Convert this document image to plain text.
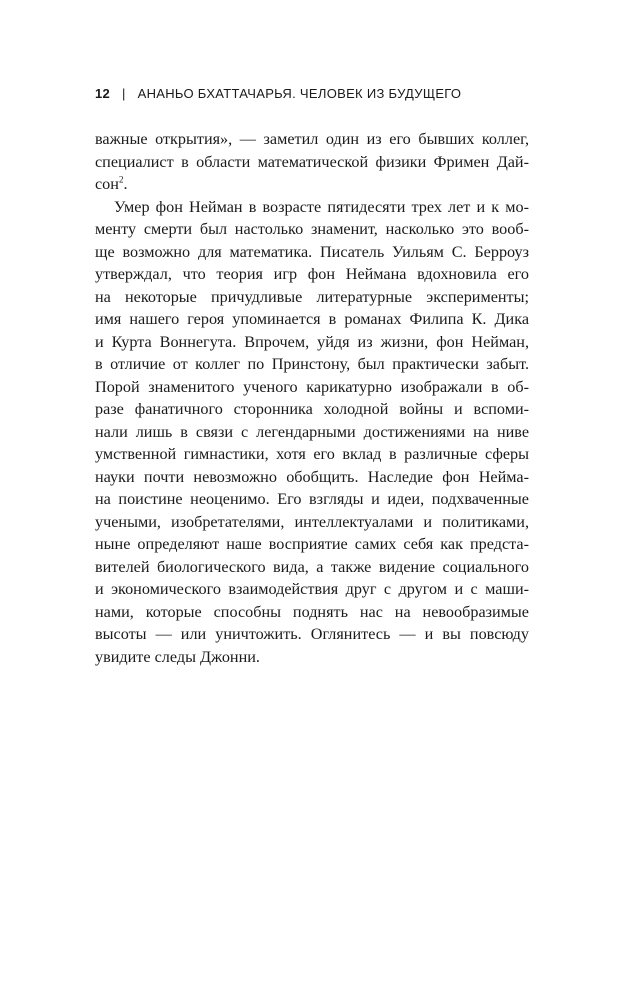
12 | АНАНЬО БХАТТАЧАРЬЯ. ЧЕЛОВЕК ИЗ БУДУЩЕГО
важные открытия», — заметил один из его бывших коллег,
специалист в области математической физики Фримен Дай-
сон$^2$.
Умер фон Нейман в возрасте пятидесяти трех лет и к мо-
менту смерти был настолько знаменит, насколько это вооб-
ще возможно для математика. Писатель Уильям С. Берроуз
утверждал, что теория игр фон Неймана вдохновила его
на некоторые причудливые литературные эксперименты;
имя нашего героя упоминается в романах Филипа К. Дика
и Курта Воннегута. Впрочем, уйдя из жизни, фон Нейман,
в отличие от коллег по Принстону, был практически забыт.
Порой знаменитого ученого карикатурно изображали в об-
разе фанатичного сторонника холодной войны и вспоми-
нали лишь в связи с легендарными достижениями на ниве
умственной гимнастики, хотя его вклад в различные сферы
науки почти невозможно обобщить. Наследие фон Нейма-
на поистине неоценимо. Его взгляды и идеи, подхваченные
учеными, изобретателями, интеллектуалами и политиками,
ныне определяют наше восприятие самих себя как предста-
вителей биологического вида, а также видение социального
и экономического взаимодействия друг с другом и с маши-
нами, которые способны поднять нас на невообразимые
высоты — или уничтожить. Оглянитесь — и вы повсюду
увидите следы Джонни.
